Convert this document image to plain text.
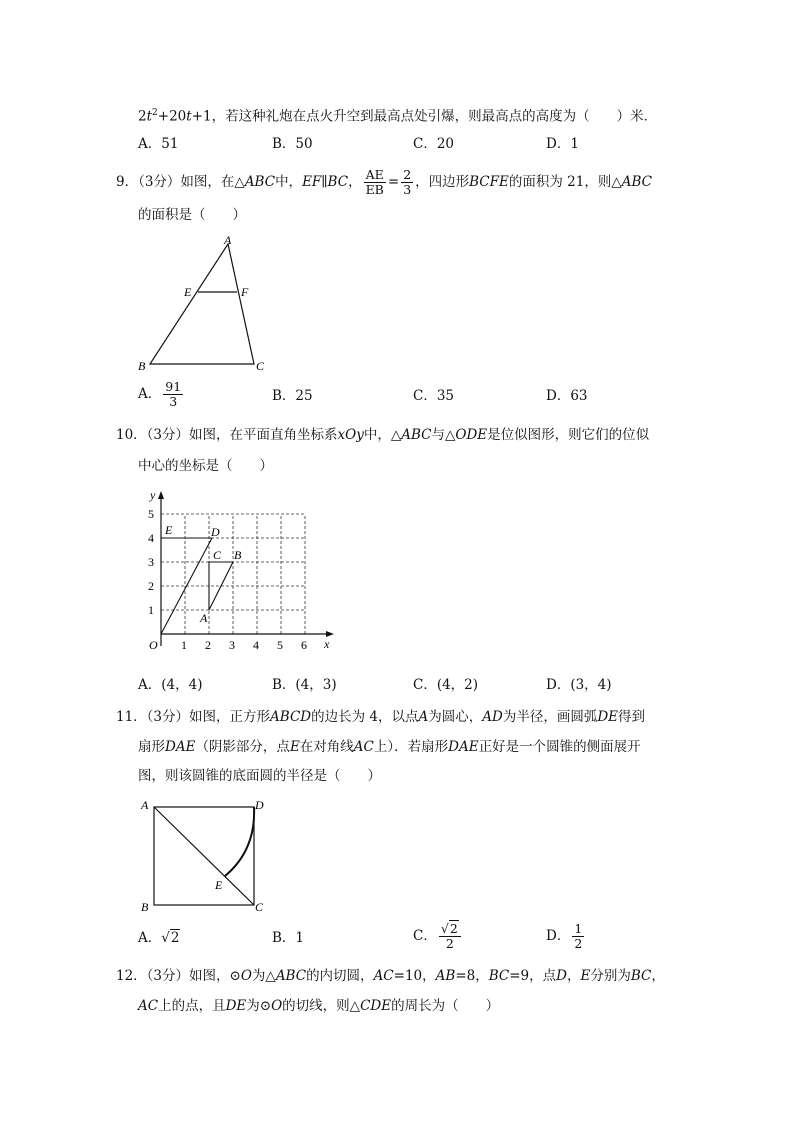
$2t^2+20t+1$，若这种礼炮在点火升空到最高点处引爆，则最高点的高度为（　　）米．
A．51	B．50	C．20	D．1
9．（3分）如图，在△ABC中，EF∥BC， $\frac{AE}{EB} = \frac{2}{3}$ ，四边形BCFE的面积为 21，则△ABC
的面积是（　　）
A
E	F
B	C
A． $\frac{91}{3}$	B．25	C．35	D．63
10．（3分）如图，在平面直角坐标系xOy中，△ABC与△ODE是位似图形，则它们的位似
中心的坐标是（　　）
1 2 3 4 5 6
1
2
3
4
5
x
y
O
E	D
C B
A
A．(4，4)	B．(4，3)	C．(4，2)	D．(3，4)
11．（3分）如图，正方形ABCD的边长为 4，以点A为圆心，AD为半径，画圆弧DE得到
扇形DAE（阴影部分，点E在对角线AC上）．若扇形DAE正好是一个圆锥的侧面展开
图，则该圆锥的底面圆的半径是（　　）
A	D
E
B	C
A．√2	B．1	C． $\frac{√2}{2}$	D． $\frac{1}{2}$
12．（3分）如图，⊙O为△ABC的内切圆，AC=10，AB=8，BC=9，点D，E分别为BC，
AC上的点，且DE为⊙O的切线，则△CDE的周长为（　　）
